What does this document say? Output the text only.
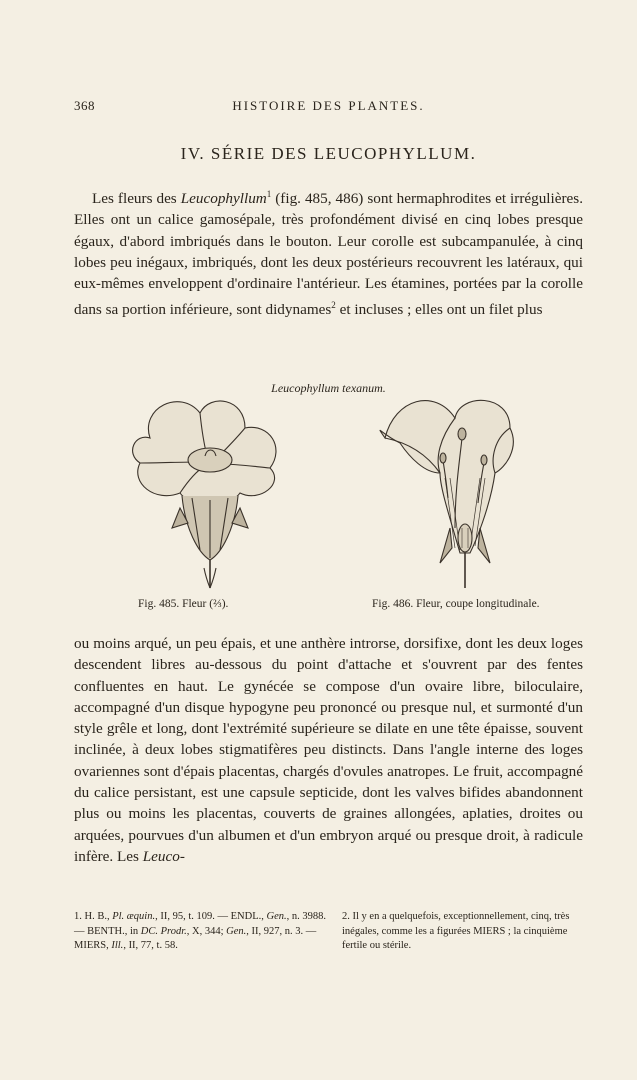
368	HISTOIRE DES PLANTES.
IV. SÉRIE DES LEUCOPHYLLUM.

Les fleurs des Leucophyllum$^1$ (fig. 485, 486) sont hermaphrodites et irrégulières. Elles ont un calice gamosépale, très profondément divisé en cinq lobes presque égaux, d'abord imbriqués dans le bouton. Leur corolle est subcampanulée, à cinq lobes peu inégaux, imbriqués, dont les deux postérieurs recouvrent les latéraux, qui eux-mêmes enveloppent d'ordinaire l'antérieur. Les étamines, portées par la corolle dans sa portion inférieure, sont didynames$^2$ et incluses ; elles ont un filet plus

Leucophyllum texanum.
Fig. 485. Fleur (⅔).	Fig. 486. Fleur, coupe longitudinale.

ou moins arqué, un peu épais, et une anthère introrse, dorsifixe, dont les deux loges descendent libres au-dessous du point d'attache et s'ouvrent par des fentes confluentes en haut. Le gynécée se compose d'un ovaire libre, biloculaire, accompagné d'un disque hypogyne peu prononcé ou presque nul, et surmonté d'un style grêle et long, dont l'extrémité supérieure se dilate en une tête épaisse, souvent inclinée, à deux lobes stigmatifères peu distincts. Dans l'angle interne des loges ovariennes sont d'épais placentas, chargés d'ovules anatropes. Le fruit, accompagné du calice persistant, est une capsule septicide, dont les valves bifides abandonnent plus ou moins les placentas, couverts de graines allongées, aplaties, droites ou arquées, pourvues d'un albumen et d'un embryon arqué ou presque droit, à radicule infère. Les Leuco-

1. H. B., Pl. æquin., II, 95, t. 109. — ENDL., Gen., n. 3988. — BENTH., in DC. Prodr., X, 344; Gen., II, 927, n. 3. — MIERS, Ill., II, 77, t. 58.

2. Il y en a quelquefois, exceptionnellement, cinq, très inégales, comme les a figurées MIERS ; la cinquième fertile ou stérile.
